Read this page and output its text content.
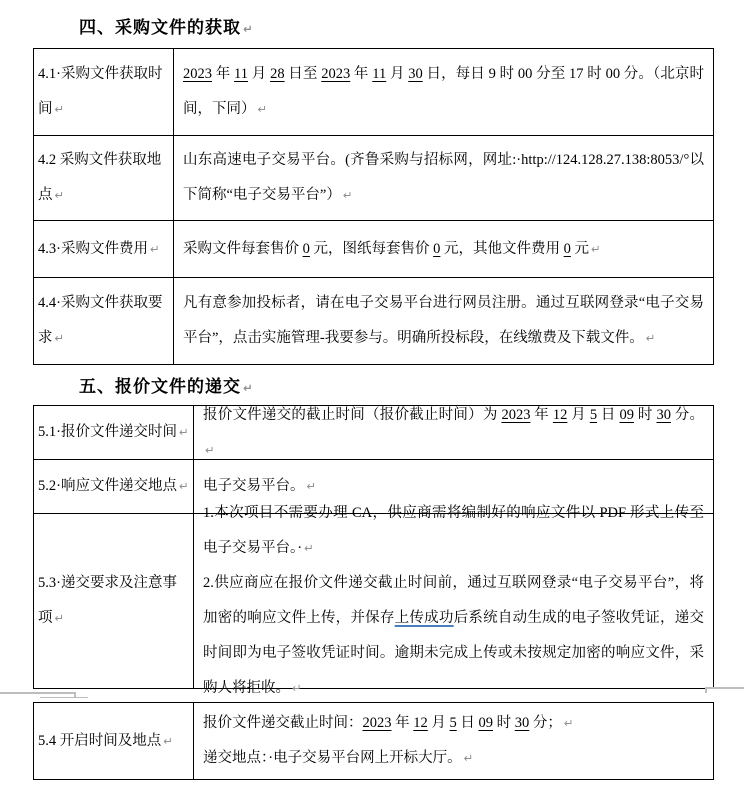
四、采购文件的获取 ↵

4.1·采购文件获取时间 ↵

2023 年 11 月 28 日至 2023 年 11 月 30 日，每日 9 时 00 分至 17 时 00 分。（北京时间，下同） ↵

4.2 采购文件获取地点 ↵

山东高速电子交易平台。(齐鲁采购与招标网，网址:·http://124.128.27.138:8053/°以下简称“电子交易平台”） ↵

4.3·采购文件费用 ↵	采购文件每套售价 0 元，图纸每套售价 0 元，其他文件费用 0 元 ↵

4.4·采购文件获取要求 ↵

凡有意参加投标者，请在电子交易平台进行网员注册。通过互联网登录“电子交易平台”，点击实施管理-我要参与。明确所投标段，在线缴费及下载文件。 ↵

五、报价文件的递交 ↵

5.1·报价文件递交时间 ↵

报价文件递交的截止时间（报价截止时间）为 2023 年 12 月 5 日 09 时 30 分。↵

5.2·响应文件递交地点 ↵ 电子交易平台。 ↵

5.3·递交要求及注意事项 ↵

1.本次项目不需要办理 CA，供应商需将编制好的响应文件以 PDF 形式上传至电子交易平台。· ↵

2.供应商应在报价文件递交截止时间前，通过互联网登录“电子交易平台”，将加密的响应文件上传，并保存上传成功后系统自动生成的电子签收凭证，递交时间即为电子签收凭证时间。逾期未完成上传或未按规定加密的响应文件，采购人将拒收。 ↵

5.4 开启时间及地点 ↵

报价文件递交截止时间：2023 年 12 月 5 日 09 时 30 分； ↵

递交地点：·电子交易平台网上开标大厅。 ↵
